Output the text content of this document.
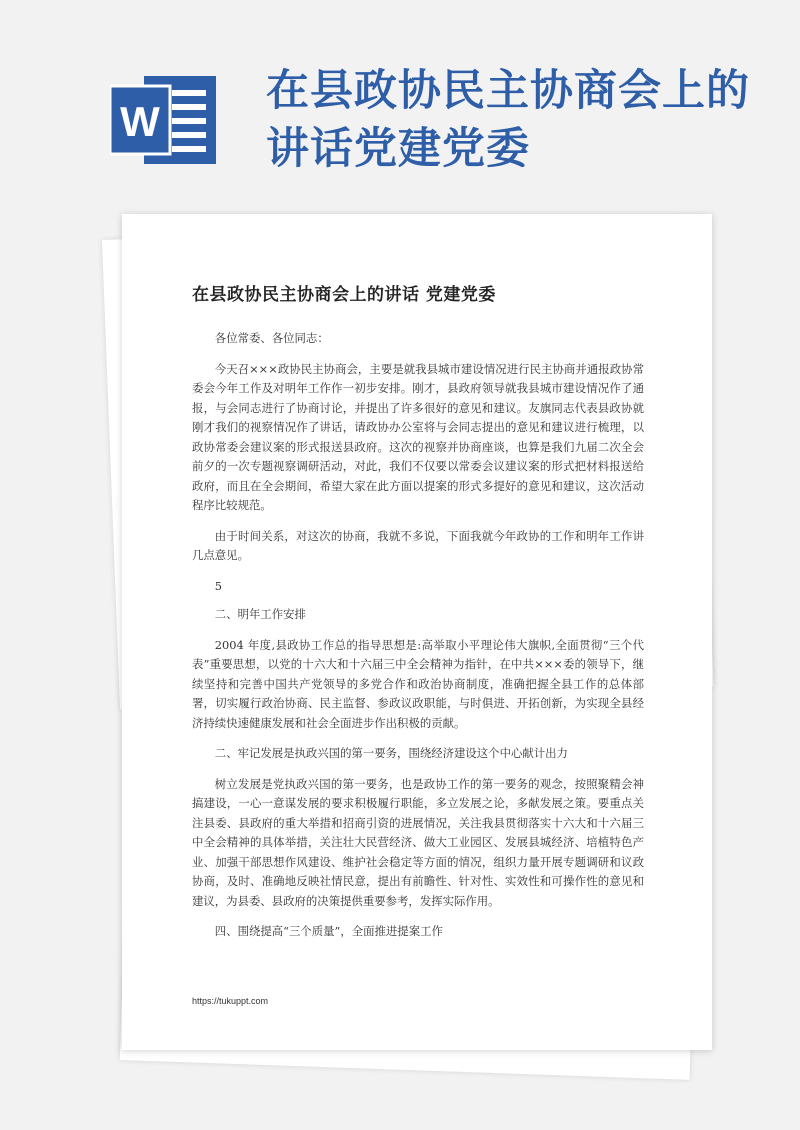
W
在县政协民主协商会上的讲话党建党委
在县政协民主协商会上的讲话 党建党委

各位常委、各位同志：

今天召×××政协民主协商会，主要是就我县城市建设情况进行民主协商并通报政协常委会今年工作及对明年工作作一初步安排。刚才，县政府领导就我县城市建设情况作了通报，与会同志进行了协商讨论，并提出了许多很好的意见和建议。友旗同志代表县政协就刚才我们的视察情况作了讲话，请政协办公室将与会同志提出的意见和建议进行梳理，以政协常委会建议案的形式报送县政府。这次的视察并协商座谈，也算是我们九届二次全会前夕的一次专题视察调研活动，对此，我们不仅要以常委会议建议案的形式把材料报送给政府，而且在全会期间，希望大家在此方面以提案的形式多提好的意见和建议，这次活动程序比较规范。

由于时间关系，对这次的协商，我就不多说，下面我就今年政协的工作和明年工作讲几点意见。

5

二、明年工作安排

2004 年度,县政协工作总的指导思想是:高举取小平理论伟大旗帜,全面贯彻“三个代表”重要思想，以党的十六大和十六届三中全会精神为指针，在中共×××委的领导下，继续坚持和完善中国共产党领导的多党合作和政治协商制度，准确把握全县工作的总体部署，切实履行政治协商、民主监督、参政议政职能，与时俱进、开拓创新，为实现全县经济持续快速健康发展和社会全面进步作出积极的贡献。

二、牢记发展是执政兴国的第一要务，围绕经济建设这个中心献计出力

树立发展是党执政兴国的第一要务，也是政协工作的第一要务的观念，按照聚精会神搞建设，一心一意谋发展的要求积极履行职能，多立发展之论，多献发展之策。要重点关注县委、县政府的重大举措和招商引资的进展情况，关注我县贯彻落实十六大和十六届三中全会精神的具体举措，关注壮大民营经济、做大工业园区、发展县城经济、培植特色产业、加强干部思想作风建设、维护社会稳定等方面的情况，组织力量开展专题调研和议政协商，及时、准确地反映社情民意，提出有前瞻性、针对性、实效性和可操作性的意见和建议，为县委、县政府的决策提供重要参考，发挥实际作用。

四、围绕提高“三个质量”，全面推进提案工作

https://tukuppt.com
